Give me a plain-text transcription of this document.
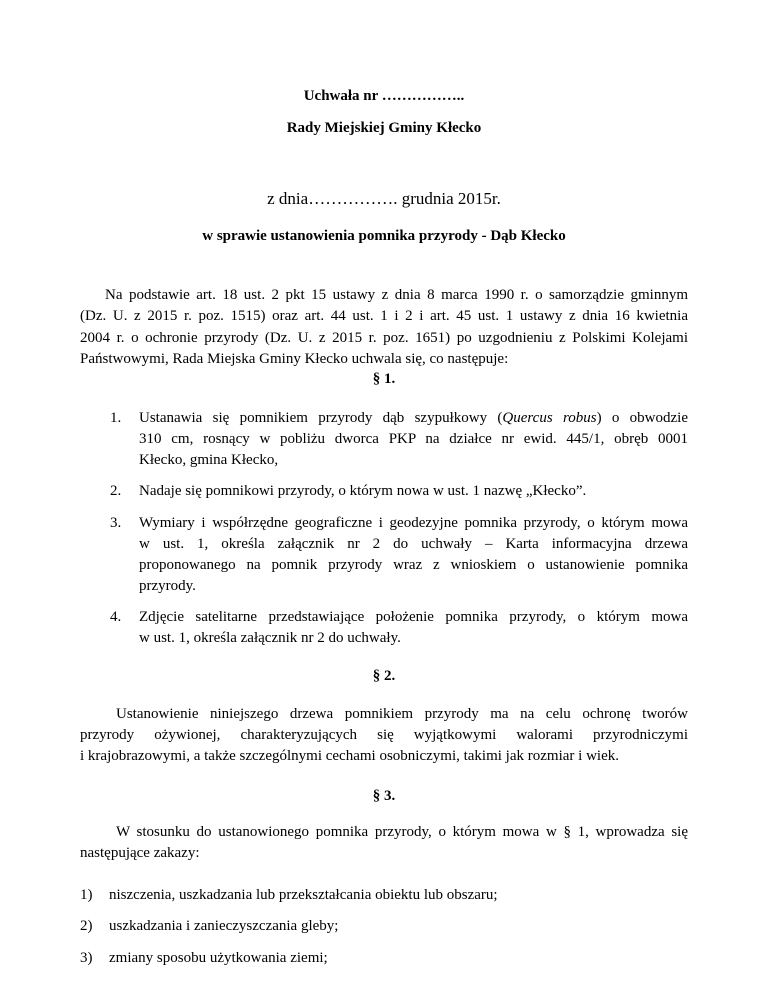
Uchwała nr ……………..
Rady Miejskiej Gminy Kłecko
z dnia……………. grudnia 2015r.
w sprawie ustanowienia pomnika przyrody - Dąb Kłecko
Na podstawie art. 18 ust. 2 pkt 15 ustawy z dnia 8 marca 1990 r. o samorządzie gminnym
(Dz. U. z 2015 r. poz. 1515) oraz art. 44 ust. 1 i 2 i art. 45 ust. 1 ustawy z dnia 16 kwietnia
2004 r. o ochronie przyrody (Dz. U. z 2015 r. poz. 1651) po uzgodnieniu z Polskimi Kolejami
Państwowymi, Rada Miejska Gminy Kłecko uchwala się, co następuje:
§ 1.
1. Ustanawia się pomnikiem przyrody dąb szypułkowy (Quercus robus) o obwodzie
310 cm, rosnący w pobliżu dworca PKP na działce nr ewid. 445/1, obręb 0001
Kłecko, gmina Kłecko,
2. Nadaje się pomnikowi przyrody, o którym nowa w ust. 1 nazwę „Kłecko”.
3. Wymiary i współrzędne geograficzne i geodezyjne pomnika przyrody, o którym mowa
w ust. 1, określa załącznik nr 2 do uchwały – Karta informacyjna drzewa
proponowanego na pomnik przyrody wraz z wnioskiem o ustanowienie pomnika
przyrody.
4. Zdjęcie satelitarne przedstawiające położenie pomnika przyrody, o którym mowa
w ust. 1, określa załącznik nr 2 do uchwały.
§ 2.
Ustanowienie niniejszego drzewa pomnikiem przyrody ma na celu ochronę tworów
przyrody ożywionej, charakteryzujących się wyjątkowymi walorami przyrodniczymi
i krajobrazowymi, a także szczególnymi cechami osobniczymi, takimi jak rozmiar i wiek.
§ 3.
W stosunku do ustanowionego pomnika przyrody, o którym mowa w § 1, wprowadza się
następujące zakazy:
1) niszczenia, uszkadzania lub przekształcania obiektu lub obszaru;
2) uszkadzania i zanieczyszczania gleby;
3) zmiany sposobu użytkowania ziemi;
